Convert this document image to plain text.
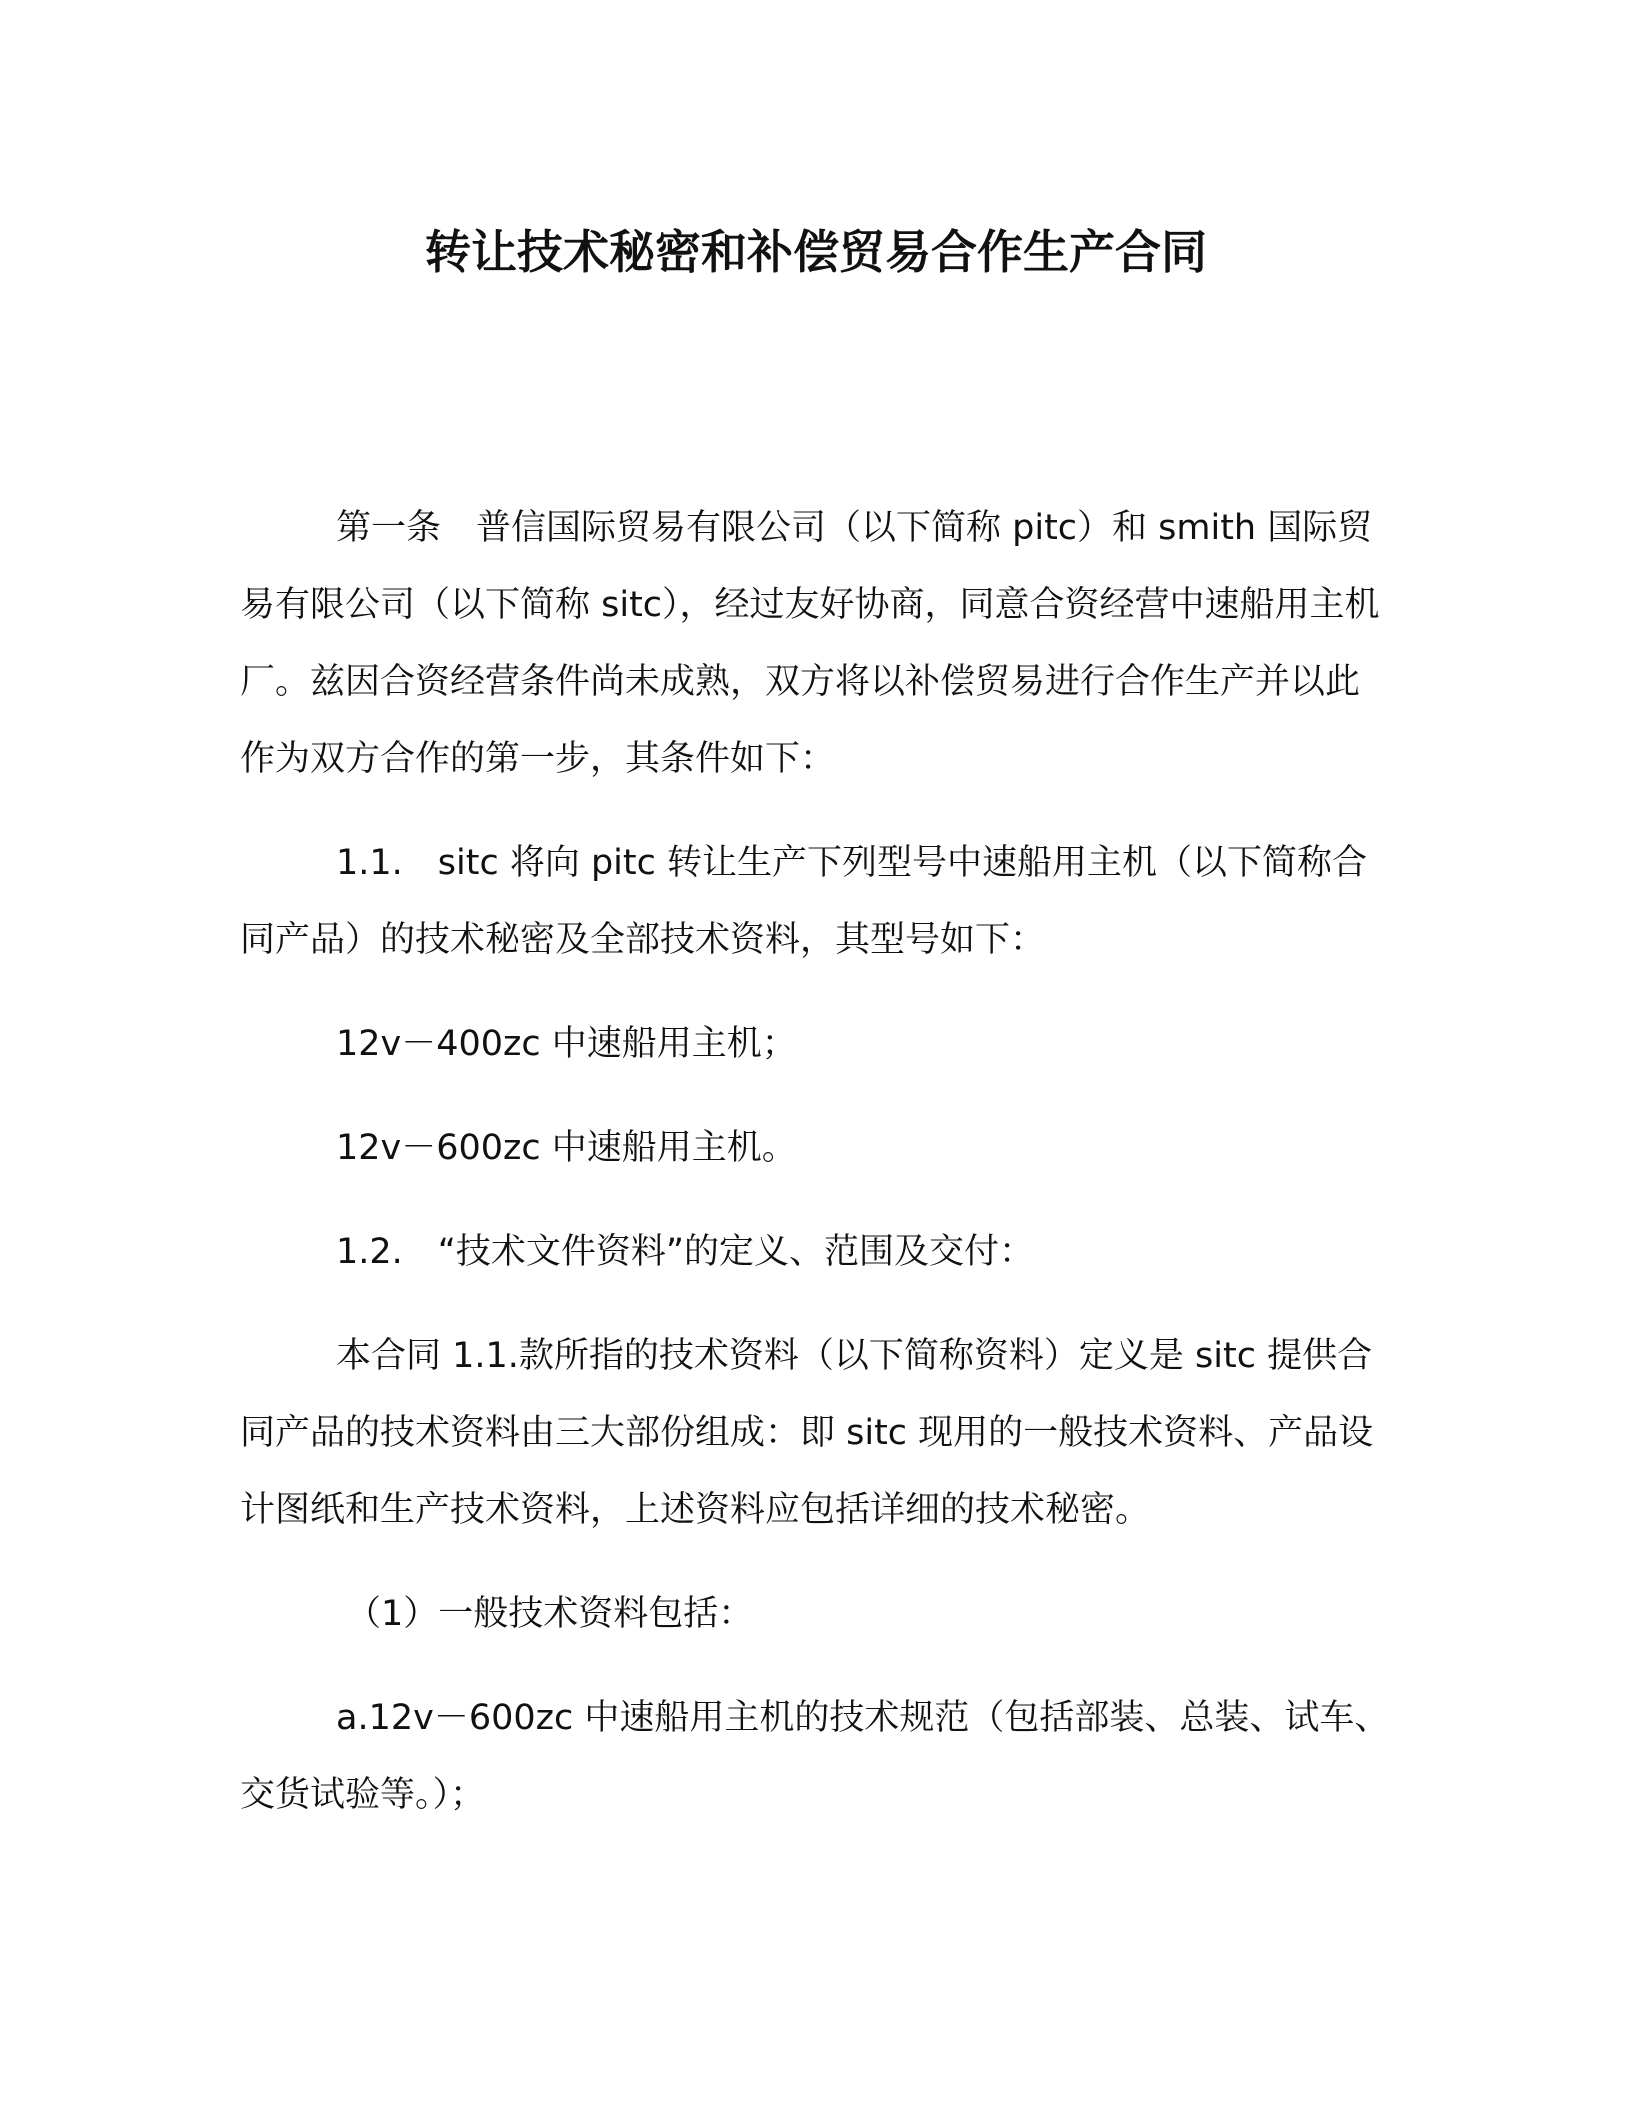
转让技术秘密和补偿贸易合作生产合同

第一条　普信国际贸易有限公司（以下简称 pitc）和 smith 国际贸易有限公司（以下简称 sitc），经过友好协商，同意合资经营中速船用主机厂。兹因合资经营条件尚未成熟，双方将以补偿贸易进行合作生产并以此作为双方合作的第一步，其条件如下：

1.1.　sitc 将向 pitc 转让生产下列型号中速船用主机（以下简称合同产品）的技术秘密及全部技术资料，其型号如下：

12v－400zc 中速船用主机；

12v－600zc 中速船用主机。

1.2.　“技术文件资料”的定义、范围及交付：

本合同 1.1.款所指的技术资料（以下简称资料）定义是 sitc 提供合同产品的技术资料由三大部份组成：即 sitc 现用的一般技术资料、产品设计图纸和生产技术资料，上述资料应包括详细的技术秘密。

（1）一般技术资料包括：

a.12v－600zc 中速船用主机的技术规范（包括部装、总装、试车、交货试验等。）；
